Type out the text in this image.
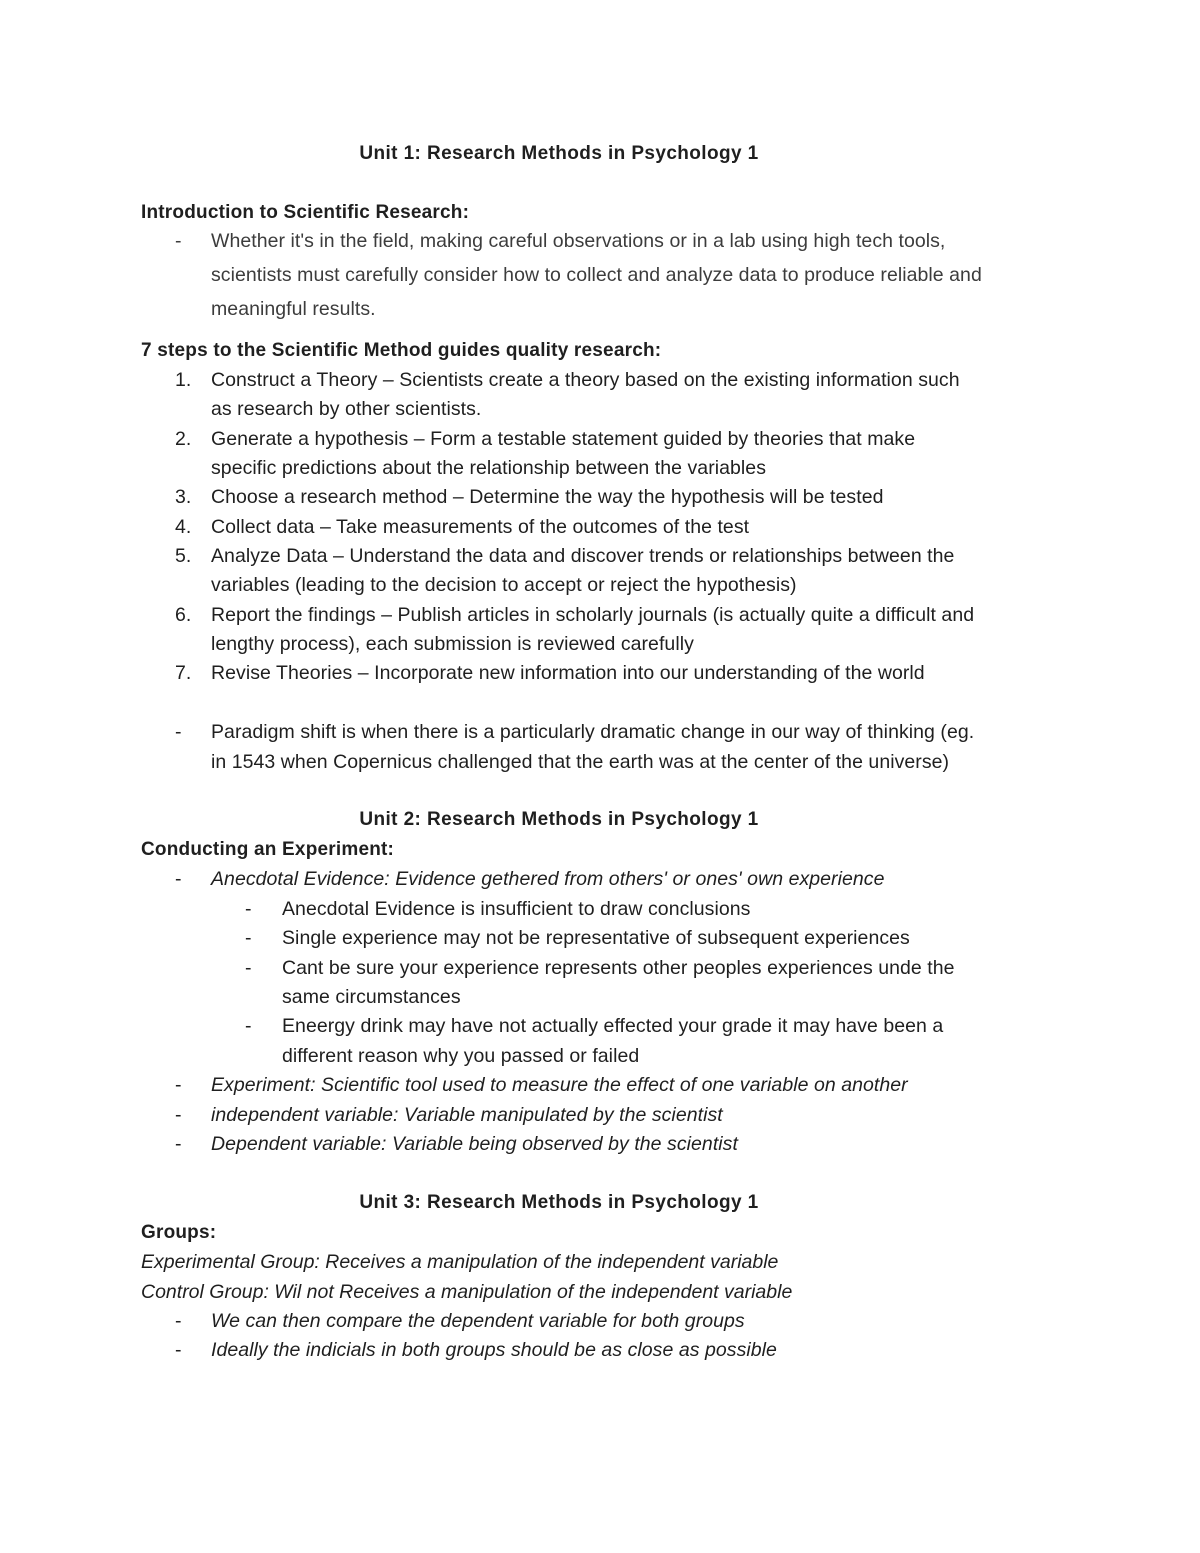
Unit 1: Research Methods in Psychology 1
Introduction to Scientific Research:
- Whether it's in the field, making careful observations or in a lab using high tech tools,
scientists must carefully consider how to collect and analyze data to produce reliable and
meaningful results.
7 steps to the Scientific Method guides quality research:
1. Construct a Theory – Scientists create a theory based on the existing information such
as research by other scientists.
2. Generate a hypothesis – Form a testable statement guided by theories that make
specific predictions about the relationship between the variables
3. Choose a research method – Determine the way the hypothesis will be tested
4. Collect data – Take measurements of the outcomes of the test
5. Analyze Data – Understand the data and discover trends or relationships between the
variables (leading to the decision to accept or reject the hypothesis)
6. Report the findings – Publish articles in scholarly journals (is actually quite a difficult and
lengthy process), each submission is reviewed carefully
7. Revise Theories – Incorporate new information into our understanding of the world
- Paradigm shift is when there is a particularly dramatic change in our way of thinking (eg.
in 1543 when Copernicus challenged that the earth was at the center of the universe)
Unit 2: Research Methods in Psychology 1
Conducting an Experiment:
- Anecdotal Evidence: Evidence gethered from others' or ones' own experience
- Anecdotal Evidence is insufficient to draw conclusions
- Single experience may not be representative of subsequent experiences
- Cant be sure your experience represents other peoples experiences unde the
same circumstances
- Eneergy drink may have not actually effected your grade it may have been a
different reason why you passed or failed
- Experiment: Scientific tool used to measure the effect of one variable on another
- independent variable: Variable manipulated by the scientist
- Dependent variable: Variable being observed by the scientist
Unit 3: Research Methods in Psychology 1
Groups:
Experimental Group: Receives a manipulation of the independent variable
Control Group: Wil not Receives a manipulation of the independent variable
- We can then compare the dependent variable for both groups
- Ideally the indicials in both groups should be as close as possible
